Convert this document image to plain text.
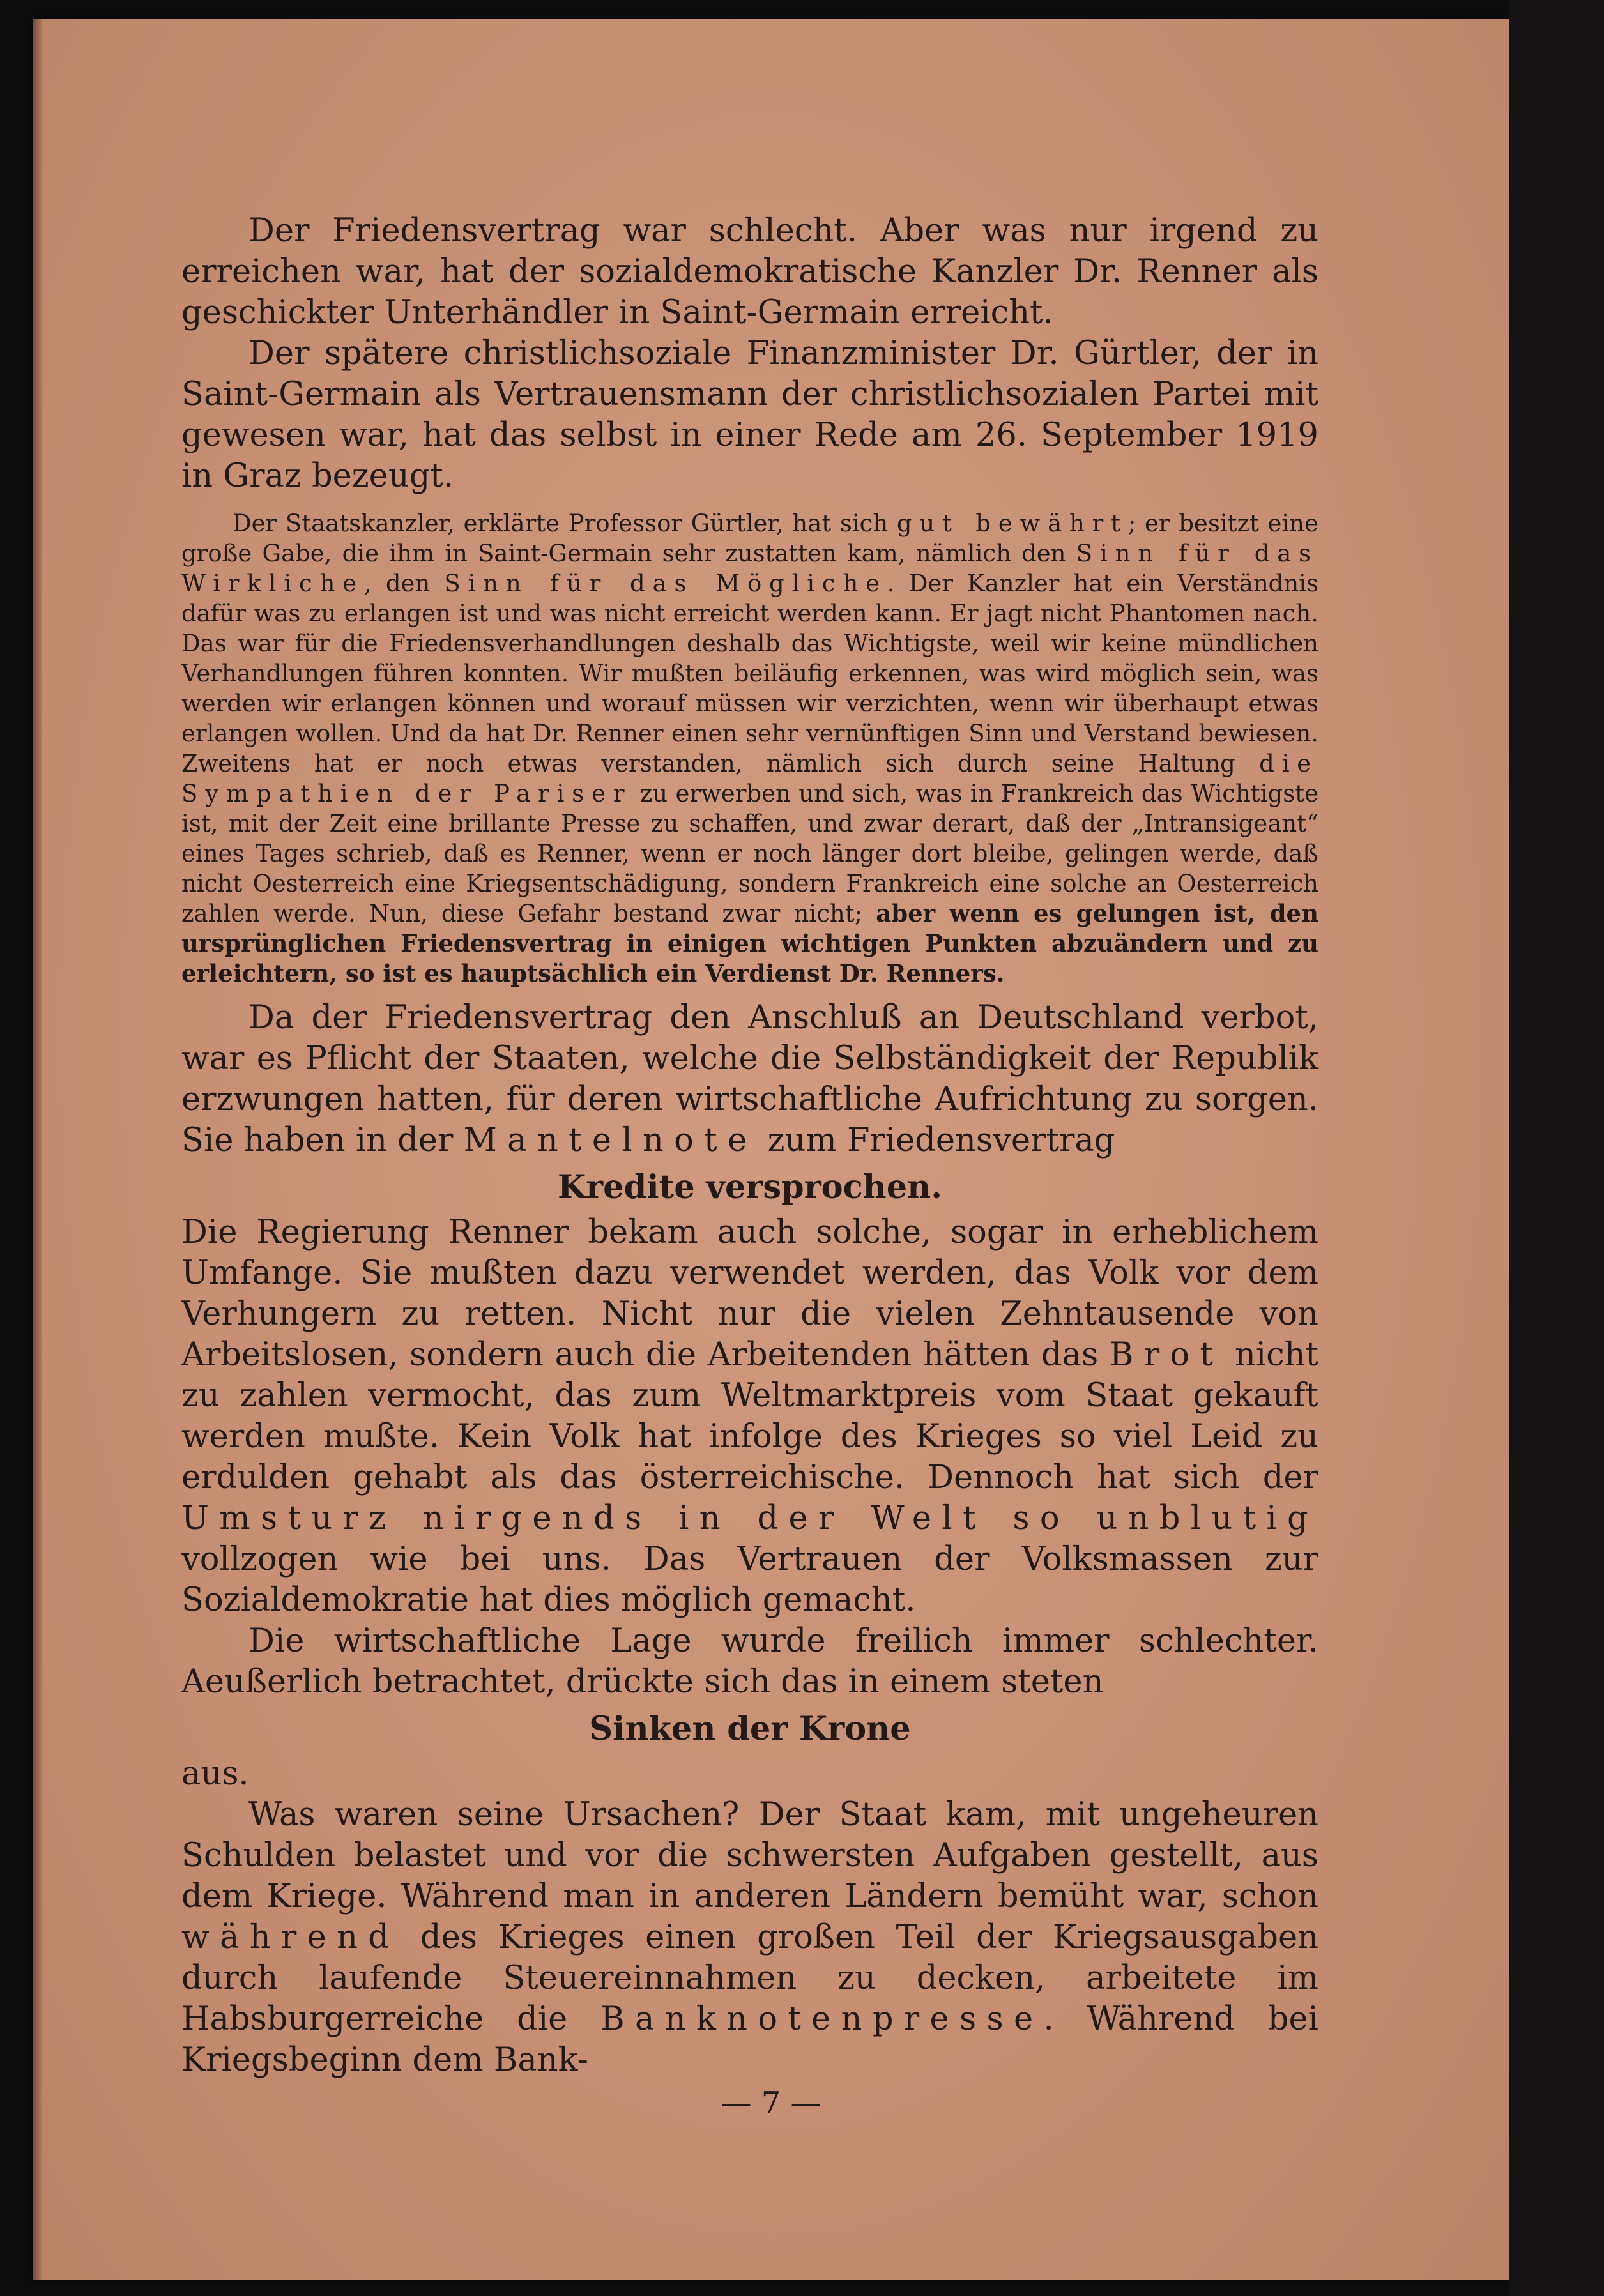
Der Friedensvertrag war schlecht. Aber was nur irgend zu erreichen war, hat der sozialdemokratische Kanzler Dr. Renner als geschickter Unterhändler in Saint-Germain erreicht.

Der spätere christlichsoziale Finanzminister Dr. Gürtler, der in Saint-Germain als Vertrauensmann der christlichsozialen Partei mit gewesen war, hat das selbst in einer Rede am 26. September 1919 in Graz bezeugt.

Der Staatskanzler, erklärte Professor Gürtler, hat sich gut bewährt; er besitzt eine große Gabe, die ihm in Saint-Germain sehr zustatten kam, nämlich den Sinn für das Wirkliche, den Sinn für das Mögliche. Der Kanzler hat ein Verständnis dafür was zu erlangen ist und was nicht erreicht werden kann. Er jagt nicht Phantomen nach. Das war für die Friedensverhandlungen deshalb das Wichtigste, weil wir keine mündlichen Verhandlungen führen konnten. Wir mußten beiläufig erkennen, was wird möglich sein, was werden wir erlangen können und worauf müssen wir verzichten, wenn wir überhaupt etwas erlangen wollen. Und da hat Dr. Renner einen sehr vernünftigen Sinn und Verstand bewiesen. Zweitens hat er noch etwas verstanden, nämlich sich durch seine Haltung die Sympathien der Pariser zu erwerben und sich, was in Frankreich das Wichtigste ist, mit der Zeit eine brillante Presse zu schaffen, und zwar derart, daß der „Intransigeant“ eines Tages schrieb, daß es Renner, wenn er noch länger dort bleibe, gelingen werde, daß nicht Oesterreich eine Kriegsentschädigung, sondern Frankreich eine solche an Oesterreich zahlen werde. Nun, diese Gefahr bestand zwar nicht; aber wenn es gelungen ist, den ursprünglichen Friedensvertrag in einigen wichtigen Punkten abzuändern und zu erleichtern, so ist es hauptsächlich ein Verdienst Dr. Renners.

Da der Friedensvertrag den Anschluß an Deutschland verbot, war es Pflicht der Staaten, welche die Selbständigkeit der Republik erzwungen hatten, für deren wirtschaftliche Aufrichtung zu sorgen. Sie haben in der Mantelnote zum Friedensvertrag

Kredite versprochen.

Die Regierung Renner bekam auch solche, sogar in erheblichem Umfange. Sie mußten dazu verwendet werden, das Volk vor dem Verhungern zu retten. Nicht nur die vielen Zehntausende von Arbeitslosen, sondern auch die Arbeitenden hätten das Brot nicht zu zahlen vermocht, das zum Weltmarktpreis vom Staat gekauft werden mußte. Kein Volk hat infolge des Krieges so viel Leid zu erdulden gehabt als das österreichische. Dennoch hat sich der Umsturz nirgends in der Welt so unblutig vollzogen wie bei uns. Das Vertrauen der Volksmassen zur Sozialdemokratie hat dies möglich gemacht.

Die wirtschaftliche Lage wurde freilich immer schlechter. Aeußerlich betrachtet, drückte sich das in einem steten

Sinken der Krone

aus.

Was waren seine Ursachen? Der Staat kam, mit ungeheuren Schulden belastet und vor die schwersten Aufgaben gestellt, aus dem Kriege. Während man in anderen Ländern bemüht war, schon während des Krieges einen großen Teil der Kriegsausgaben durch laufende Steuereinnahmen zu decken, arbeitete im Habsburgerreiche die Banknotenpresse. Während bei Kriegsbeginn dem Bank-

— 7 —
